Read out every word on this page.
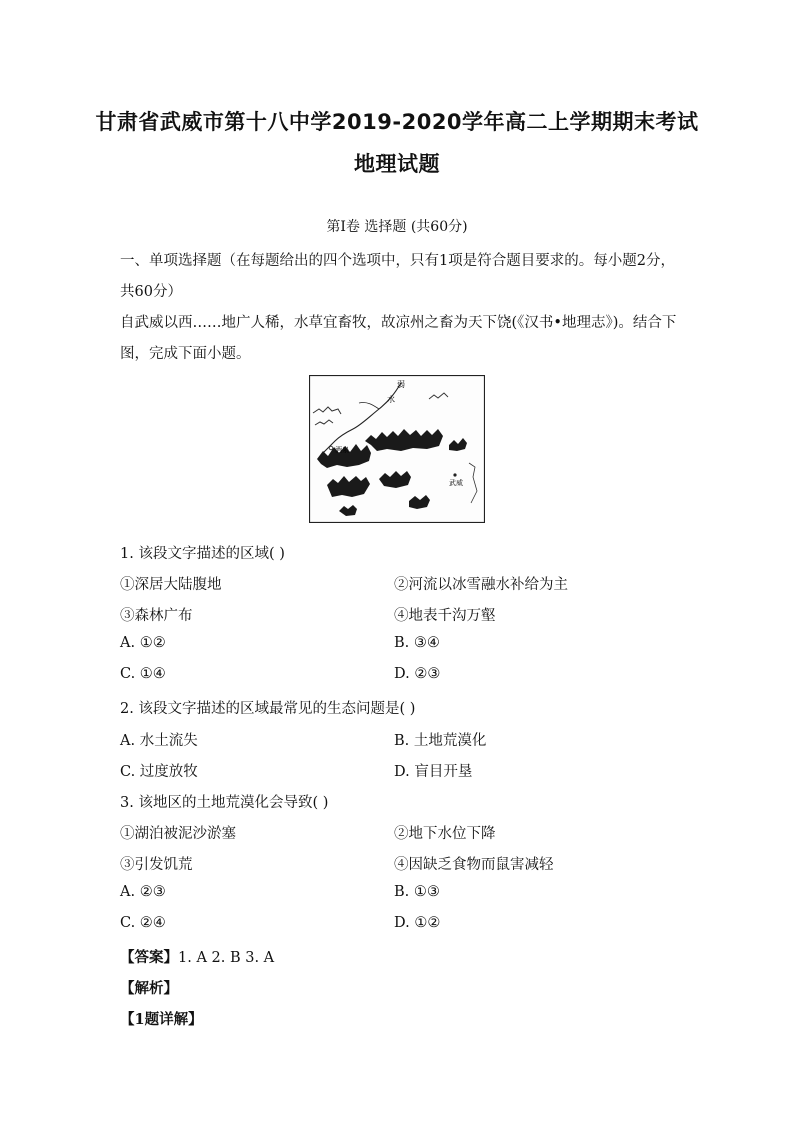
甘肃省武威市第十八中学2019-2020学年高二上学期期末考试
地理试题
第Ⅰ卷 选择题 (共60分)
一、单项选择题（在每题给出的四个选项中，只有1项是符合题目要求的。每小题2分，
共60分）
自武威以西……地广人稀，水草宜畜牧，故凉州之畜为天下饶(《汉书•地理志》)。结合下
图，完成下面小题。
弱
水
酒泉
武威
1. 该段文字描述的区域( )
①深居大陆腹地	②河流以冰雪融水补给为主
③森林广布	④地表千沟万壑
A. ①②	B. ③④
C. ①④	D. ②③
2. 该段文字描述的区域最常见的生态问题是( )
A. 水土流失	B. 土地荒漠化
C. 过度放牧	D. 盲目开垦
3. 该地区的土地荒漠化会导致( )
①湖泊被泥沙淤塞	②地下水位下降
③引发饥荒	④因缺乏食物而鼠害减轻
A. ②③	B. ①③
C. ②④	D. ①②
【答案】1. A 2. B 3. A
【解析】
【1题详解】
